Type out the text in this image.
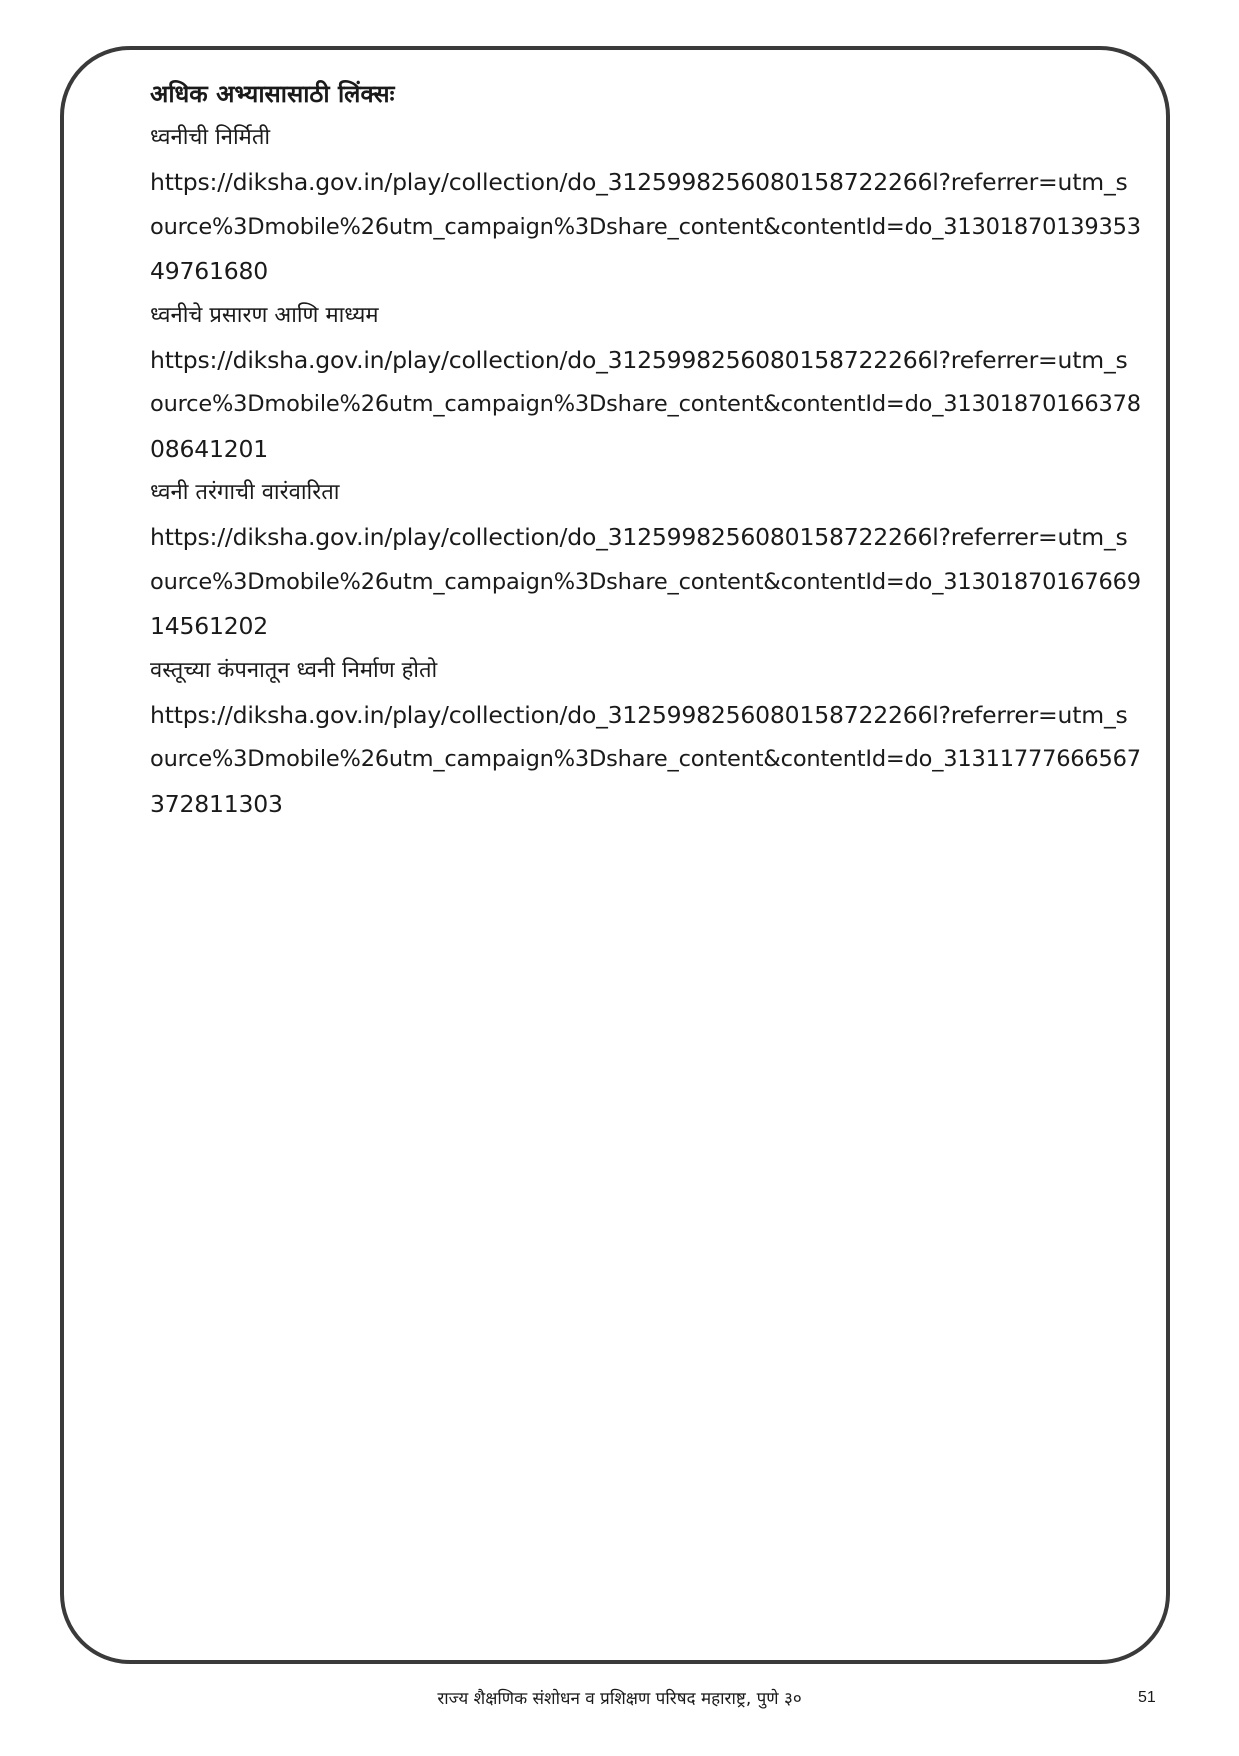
अधिक अभ्यासासाठी लिंक्सः
ध्वनीची निर्मिती
https://diksha.gov.in/play/collection/do_3125998256080158722266l?referrer=utm_s
ource%3Dmobile%26utm_campaign%3Dshare_content&contentId=do_31301870139353
49761680
ध्वनीचे प्रसारण आणि माध्यम
https://diksha.gov.in/play/collection/do_3125998256080158722266l?referrer=utm_s
ource%3Dmobile%26utm_campaign%3Dshare_content&contentId=do_31301870166378
08641201
ध्वनी तरंगाची वारंवारिता
https://diksha.gov.in/play/collection/do_3125998256080158722266l?referrer=utm_s
ource%3Dmobile%26utm_campaign%3Dshare_content&contentId=do_31301870167669
14561202
वस्तूच्या कंपनातून ध्वनी निर्माण होतो
https://diksha.gov.in/play/collection/do_3125998256080158722266l?referrer=utm_s
ource%3Dmobile%26utm_campaign%3Dshare_content&contentId=do_31311777666567
372811303
राज्य शैक्षणिक संशोधन व प्रशिक्षण परिषद महाराष्ट्र, पुणे ३०	51
